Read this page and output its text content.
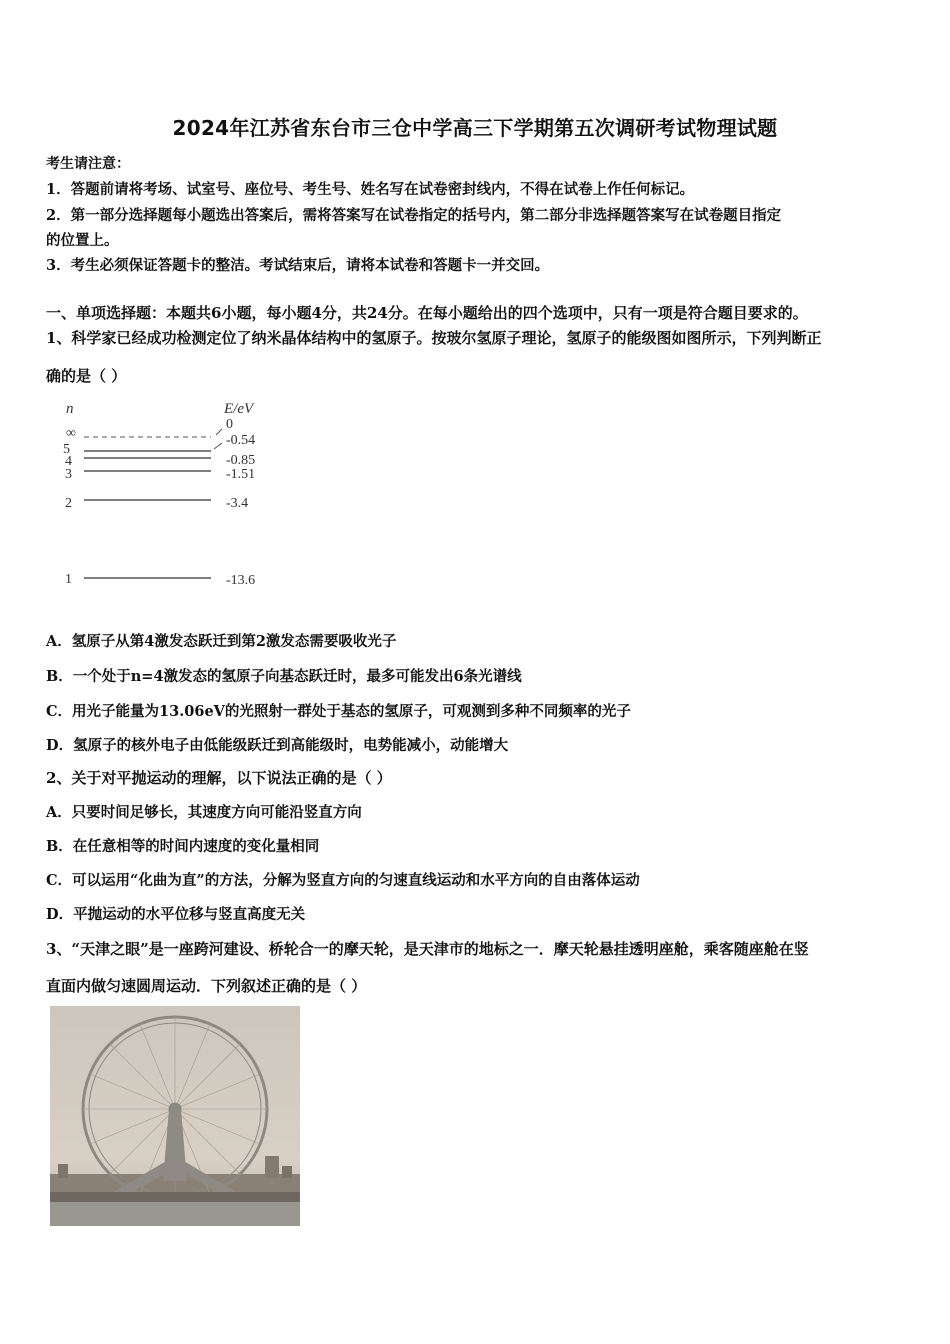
2024年江苏省东台市三仓中学高三下学期第五次调研考试物理试题
考生请注意：
1．答题前请将考场、试室号、座位号、考生号、姓名写在试卷密封线内，不得在试卷上作任何标记。
2．第一部分选择题每小题选出答案后，需将答案写在试卷指定的括号内，第二部分非选择题答案写在试卷题目指定
的位置上。
3．考生必须保证答题卡的整洁。考试结束后，请将本试卷和答题卡一并交回。
一、单项选择题：本题共6小题，每小题4分，共24分。在每小题给出的四个选项中，只有一项是符合题目要求的。
1、科学家已经成功检测定位了纳米晶体结构中的氢原子。按玻尔氢原子理论，氢原子的能级图如图所示，下列判断正
确的是（ ）
n	E/eV
∞
0
5
-0.54
4	-0.85
3	-1.51
2	-3.4
1	-13.6
A．氢原子从第4激发态跃迁到第2激发态需要吸收光子
B．一个处于n=4激发态的氢原子向基态跃迁时，最多可能发出6条光谱线
C．用光子能量为13.06eV的光照射一群处于基态的氢原子，可观测到多种不同频率的光子
D．氢原子的核外电子由低能级跃迁到高能级时，电势能减小，动能增大
2、关于对平抛运动的理解，以下说法正确的是（ ）
A．只要时间足够长，其速度方向可能沿竖直方向
B．在任意相等的时间内速度的变化量相同
C．可以运用“化曲为直”的方法，分解为竖直方向的匀速直线运动和水平方向的自由落体运动
D．平抛运动的水平位移与竖直高度无关
3、“天津之眼”是一座跨河建设、桥轮合一的摩天轮，是天津市的地标之一．摩天轮悬挂透明座舱，乘客随座舱在竖
直面内做匀速圆周运动．下列叙述正确的是（ ）
